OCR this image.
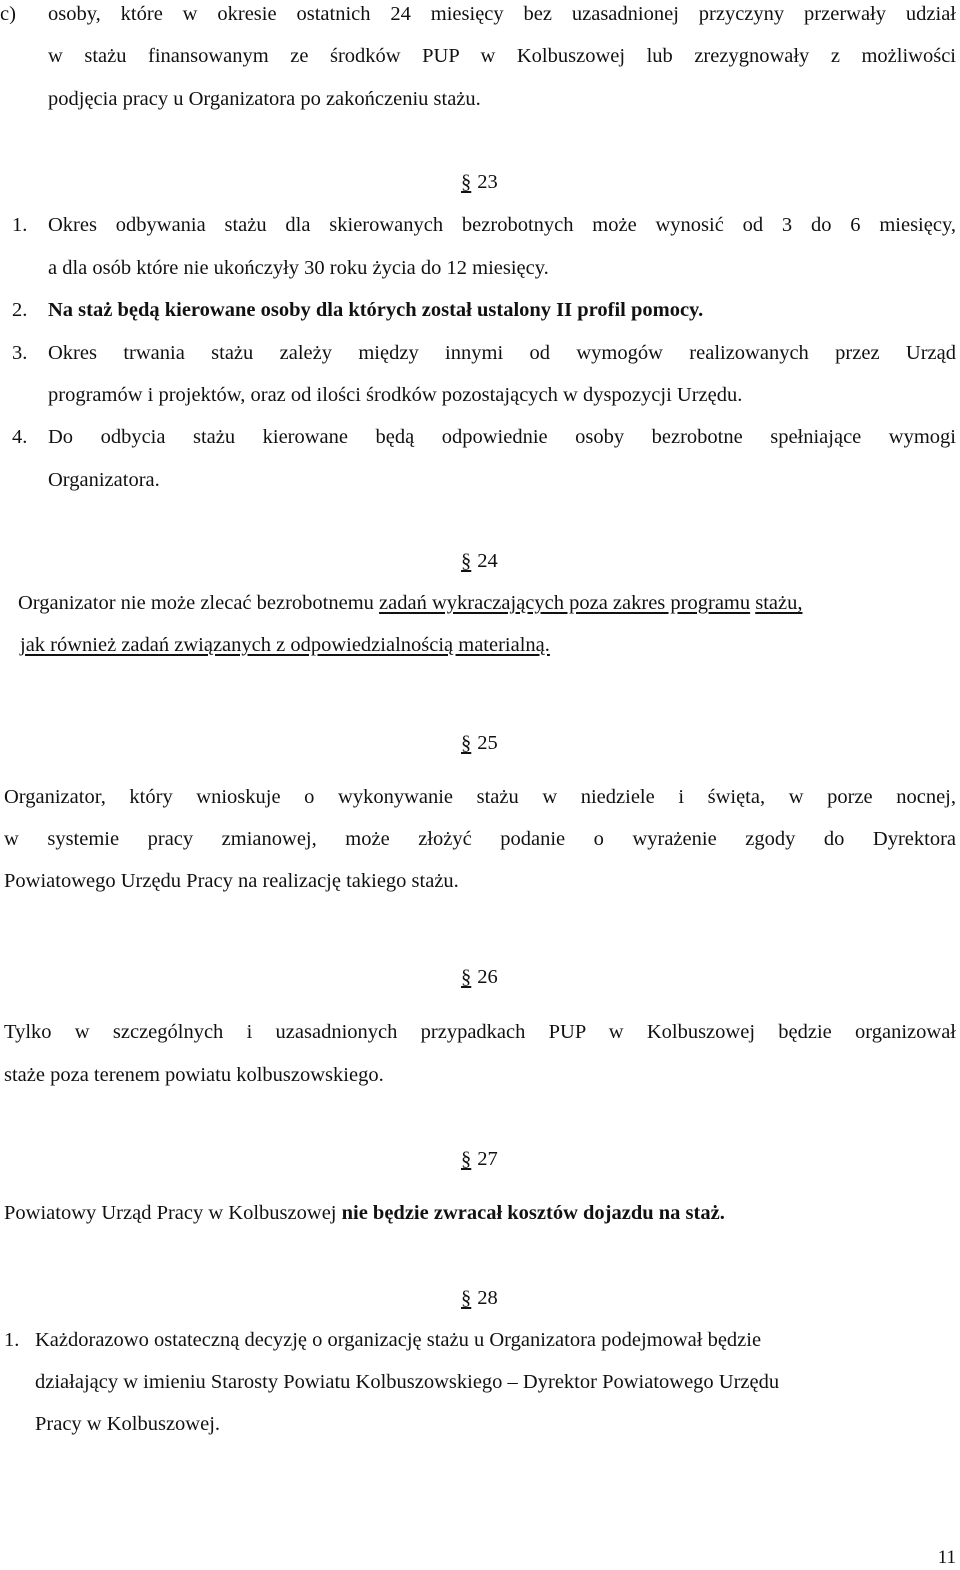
c) osoby, które w okresie ostatnich 24 miesięcy bez uzasadnionej przyczyny przerwały udział
w stażu finansowanym ze środków PUP w Kolbuszowej lub zrezygnowały z możliwości
podjęcia pracy u Organizatora po zakończeniu stażu.
§ 23
1. Okres odbywania stażu dla skierowanych bezrobotnych może wynosić od 3 do 6 miesięcy,
a dla osób które nie ukończyły 30 roku życia do 12 miesięcy.
2. Na staż będą kierowane osoby dla których został ustalony II profil pomocy.
3. Okres trwania stażu zależy między innymi od wymogów realizowanych przez Urząd
programów i projektów, oraz od ilości środków pozostających w dyspozycji Urzędu.
4. Do odbycia stażu kierowane będą odpowiednie osoby bezrobotne spełniające wymogi
Organizatora.
§ 24
Organizator nie może zlecać bezrobotnemu zadań wykraczających poza zakres programu stażu,
jak również zadań związanych z odpowiedzialnością materialną.
§ 25
Organizator, który wnioskuje o wykonywanie stażu w niedziele i święta, w porze nocnej,
w systemie pracy zmianowej, może złożyć podanie o wyrażenie zgody do Dyrektora
Powiatowego Urzędu Pracy na realizację takiego stażu.
§ 26
Tylko w szczególnych i uzasadnionych przypadkach PUP w Kolbuszowej będzie organizował
staże poza terenem powiatu kolbuszowskiego.
§ 27
Powiatowy Urząd Pracy w Kolbuszowej nie będzie zwracał kosztów dojazdu na staż.
§ 28
1. Każdorazowo ostateczną decyzję o organizację stażu u Organizatora podejmował będzie
działający w imieniu Starosty Powiatu Kolbuszowskiego – Dyrektor Powiatowego Urzędu
Pracy w Kolbuszowej.
11
